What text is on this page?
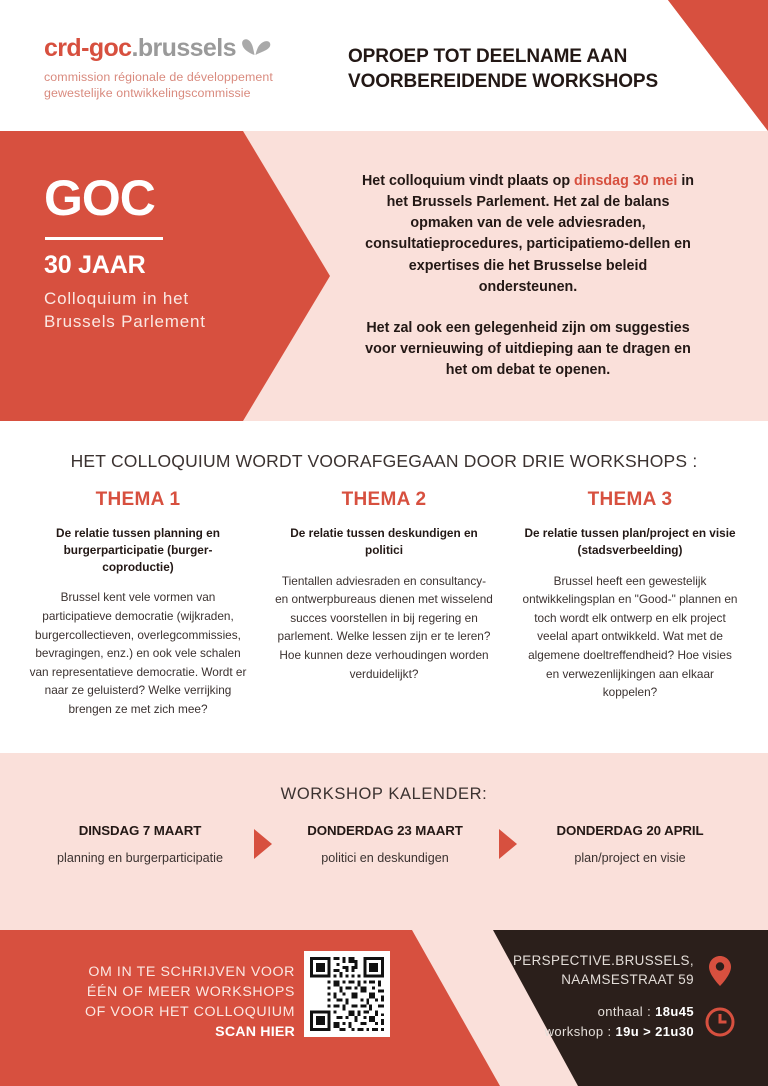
crd-goc.brussels
commission régionale de développement
gewestelijke ontwikkelingscommissie
OPROEP TOT DEELNAME AAN VOORBEREIDENDE WORKSHOPS
GOC
30 JAAR
Colloquium in het Brussels Parlement

Het colloquium vindt plaats op dinsdag 30 mei in het Brussels Parlement. Het zal de balans opmaken van de vele adviesraden, consultatieprocedures, participatiemo-dellen en expertises die het Brusselse beleid ondersteunen.

Het zal ook een gelegenheid zijn om suggesties voor vernieuwing of uitdieping aan te dragen en het om debat te openen.

HET COLLOQUIUM WORDT VOORAFGEGAAN DOOR DRIE WORKSHOPS :
THEMA 1
De relatie tussen planning en burgerparticipatie (burger-coproductie)
Brussel kent vele vormen van participatieve democratie (wijkraden, burgercollectieven, overlegcommissies, bevragingen, enz.) en ook vele schalen van representatieve democratie. Wordt er naar ze geluisterd? Welke verrijking brengen ze met zich mee?
THEMA 2
De relatie tussen deskundigen en politici
Tientallen adviesraden en consultancy- en ontwerpbureaus dienen met wisselend succes voorstellen in bij regering en parlement. Welke lessen zijn er te leren? Hoe kunnen deze verhoudingen worden verduidelijkt?
THEMA 3
De relatie tussen plan/project en visie (stadsverbeelding)
Brussel heeft een gewestelijk ontwikkelingsplan en "Good-" plannen en toch wordt elk ontwerp en elk project veelal apart ontwikkeld. Wat met de algemene doeltreffendheid? Hoe visies en verwezenlijkingen aan elkaar koppelen?
WORKSHOP KALENDER:
DINSDAG 7 MAART
planning en burgerparticipatie
DONDERDAG 23 MAART
politici en deskundigen
DONDERDAG 20 APRIL
plan/project en visie
OM IN TE SCHRIJVEN VOOR
ÉÉN OF MEER WORKSHOPS
OF VOOR HET COLLOQUIUM
SCAN HIER
PERSPECTIVE.BRUSSELS,
NAAMSESTRAAT 59
onthaal : 18u45
workshop : 19u > 21u30
